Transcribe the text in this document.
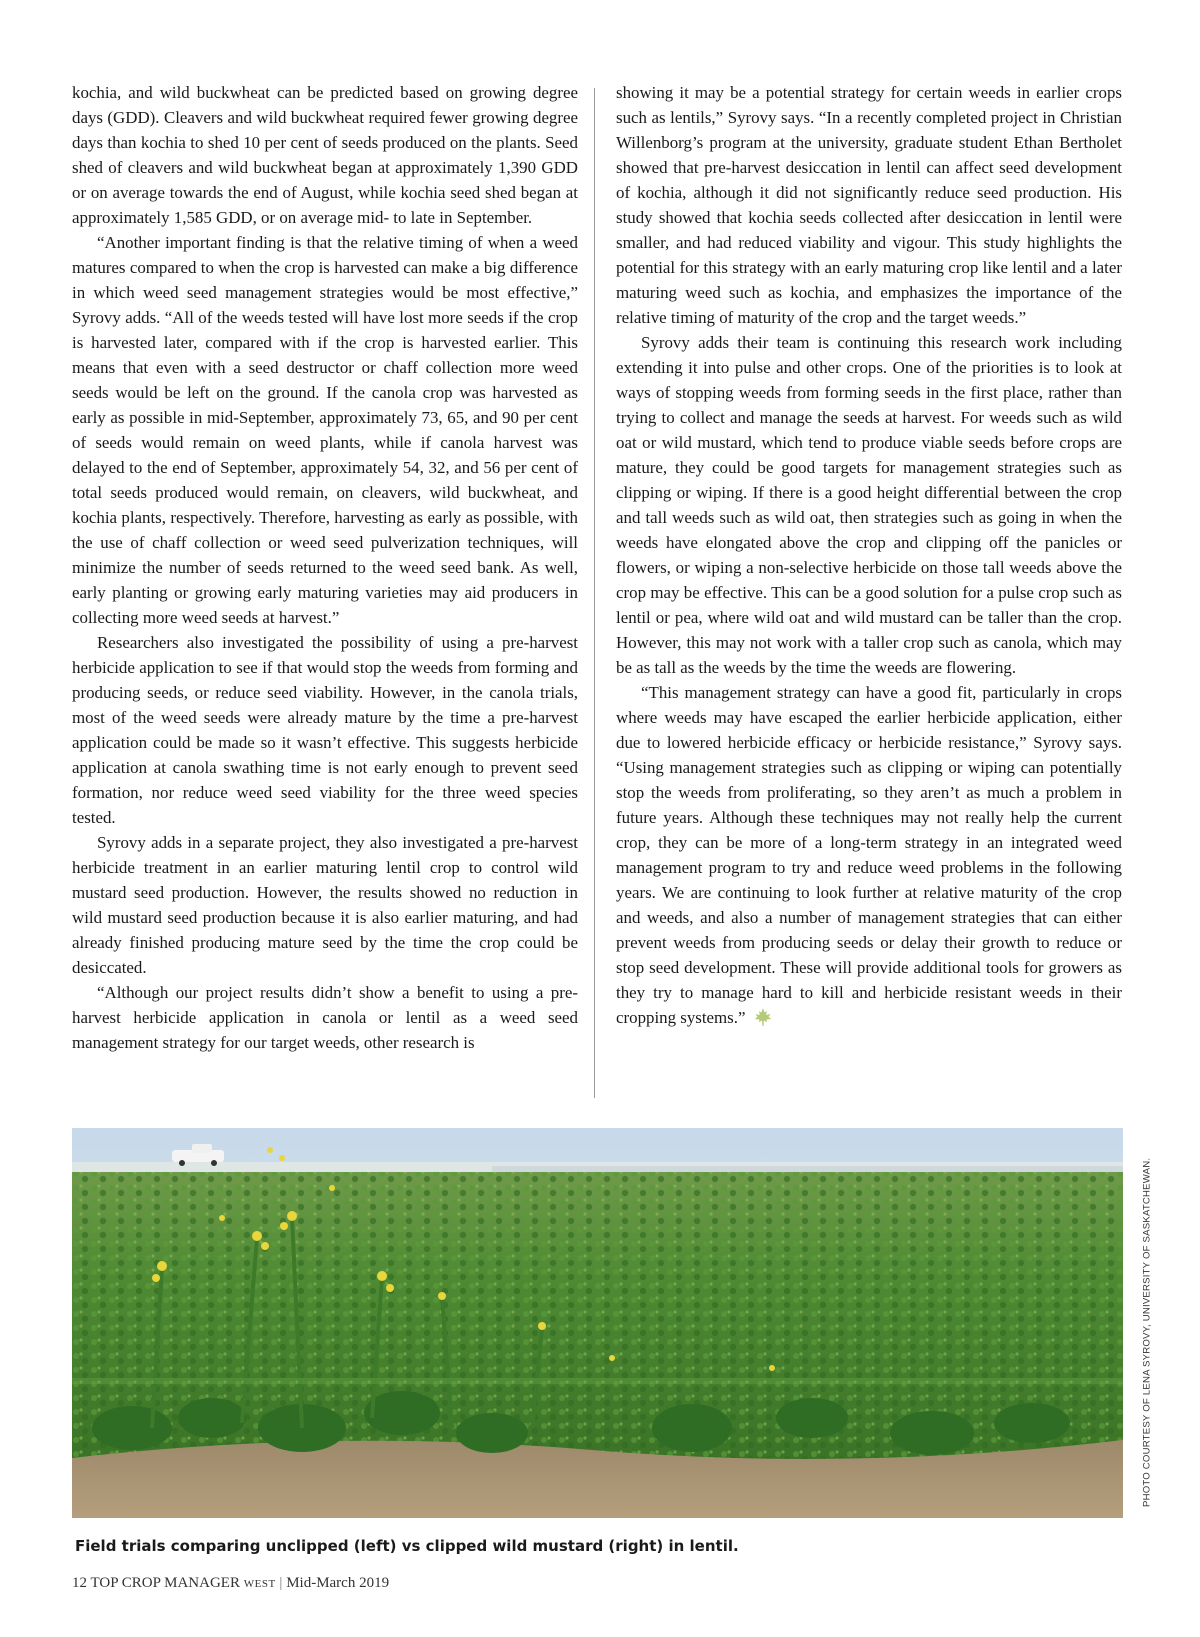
kochia, and wild buckwheat can be predicted based on growing degree days (GDD). Cleavers and wild buckwheat required fewer growing degree days than kochia to shed 10 per cent of seeds produced on the plants. Seed shed of cleavers and wild buckwheat began at approximately 1,390 GDD or on average towards the end of August, while kochia seed shed began at approximately 1,585 GDD, or on average mid- to late in September.

“Another important finding is that the relative timing of when a weed matures compared to when the crop is harvested can make a big difference in which weed seed management strategies would be most effective,” Syrovy adds. “All of the weeds tested will have lost more seeds if the crop is harvested later, compared with if the crop is harvested earlier. This means that even with a seed destructor or chaff collection more weed seeds would be left on the ground. If the canola crop was harvested as early as possible in mid-September, approximately 73, 65, and 90 per cent of seeds would remain on weed plants, while if canola harvest was delayed to the end of September, approximately 54, 32, and 56 per cent of total seeds produced would remain, on cleavers, wild buckwheat, and kochia plants, respectively. Therefore, harvesting as early as possible, with the use of chaff collection or weed seed pulverization techniques, will minimize the number of seeds returned to the weed seed bank. As well, early planting or growing early maturing varieties may aid producers in collecting more weed seeds at harvest.”

Researchers also investigated the possibility of using a pre-harvest herbicide application to see if that would stop the weeds from forming and producing seeds, or reduce seed viability. However, in the canola trials, most of the weed seeds were already mature by the time a pre-harvest application could be made so it wasn’t effective. This suggests herbicide application at canola swathing time is not early enough to prevent seed formation, nor reduce weed seed viability for the three weed species tested.

Syrovy adds in a separate project, they also investigated a pre-harvest herbicide treatment in an earlier maturing lentil crop to control wild mustard seed production. However, the results showed no reduction in wild mustard seed production because it is also earlier maturing, and had already finished producing mature seed by the time the crop could be desiccated.

“Although our project results didn’t show a benefit to using a pre-harvest herbicide application in canola or lentil as a weed seed management strategy for our target weeds, other research is

showing it may be a potential strategy for certain weeds in earlier crops such as lentils,” Syrovy says. “In a recently completed project in Christian Willenborg’s program at the university, graduate student Ethan Bertholet showed that pre-harvest desiccation in lentil can affect seed development of kochia, although it did not significantly reduce seed production. His study showed that kochia seeds collected after desiccation in lentil were smaller, and had reduced viability and vigour. This study highlights the potential for this strategy with an early maturing crop like lentil and a later maturing weed such as kochia, and emphasizes the importance of the relative timing of maturity of the crop and the target weeds.”

Syrovy adds their team is continuing this research work including extending it into pulse and other crops. One of the priorities is to look at ways of stopping weeds from forming seeds in the first place, rather than trying to collect and manage the seeds at harvest. For weeds such as wild oat or wild mustard, which tend to produce viable seeds before crops are mature, they could be good targets for management strategies such as clipping or wiping. If there is a good height differential between the crop and tall weeds such as wild oat, then strategies such as going in when the weeds have elongated above the crop and clipping off the panicles or flowers, or wiping a non-selective herbicide on those tall weeds above the crop may be effective. This can be a good solution for a pulse crop such as lentil or pea, where wild oat and wild mustard can be taller than the crop. However, this may not work with a taller crop such as canola, which may be as tall as the weeds by the time the weeds are flowering.

“This management strategy can have a good fit, particularly in crops where weeds may have escaped the earlier herbicide application, either due to lowered herbicide efficacy or herbicide resistance,” Syrovy says. “Using management strategies such as clipping or wiping can potentially stop the weeds from proliferating, so they aren’t as much a problem in future years. Although these techniques may not really help the current crop, they can be more of a long-term strategy in an integrated weed management program to try and reduce weed problems in the following years. We are continuing to look further at relative maturity of the crop and weeds, and also a number of management strategies that can either prevent weeds from producing seeds or delay their growth to reduce or stop seed development. These will provide additional tools for growers as they try to manage hard to kill and herbicide resistant weeds in their cropping systems.”

PHOTO COURTESY OF LENA SYROVY, UNIVERSITY OF SASKATCHEWAN.
Field trials comparing unclipped (left) vs clipped wild mustard (right) in lentil.
12 TOP CROP MANAGER WEST | Mid-March 2019
